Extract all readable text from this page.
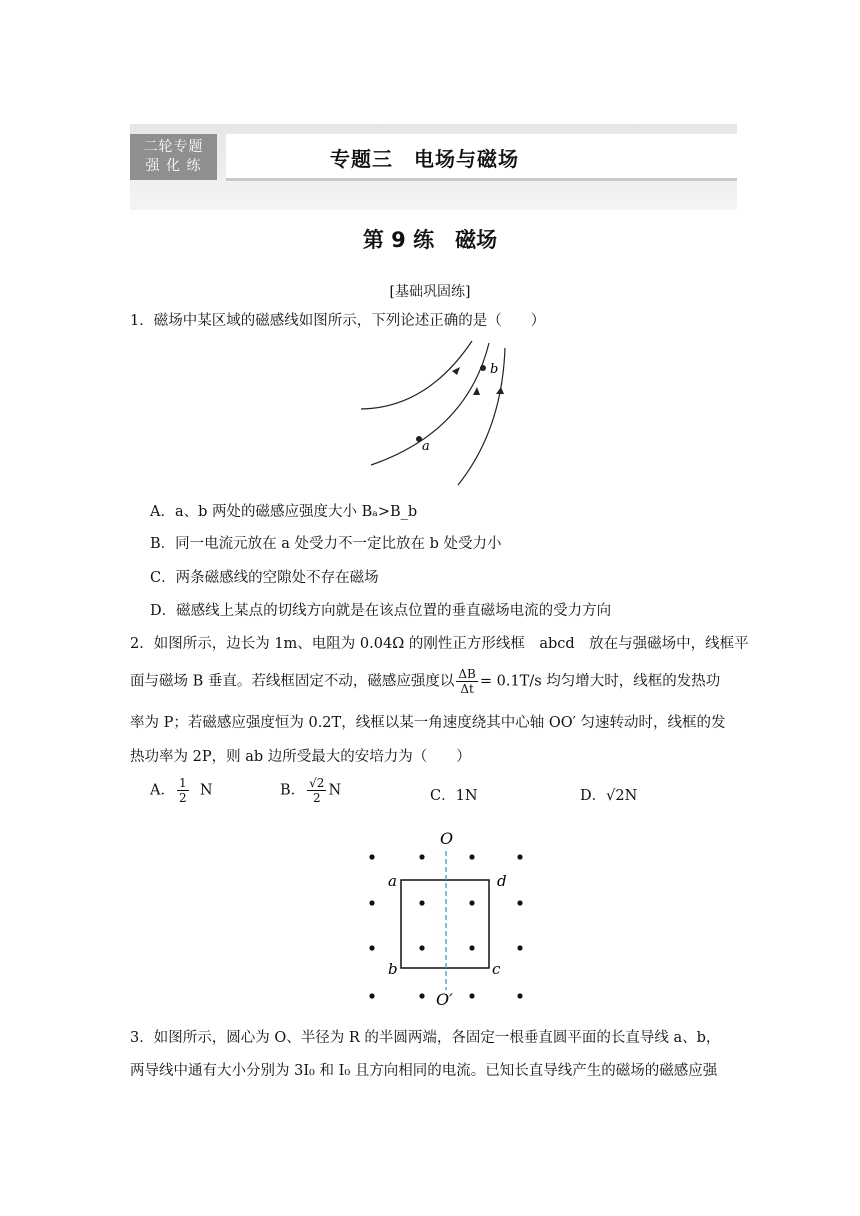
二轮专题
强 化 练	专题三　电场与磁场
第 9 练　磁场
[基础巩固练]
1．磁场中某区域的磁感线如图所示，下列论述正确的是（　　）
b
a
A．a、b 两处的磁感应强度大小 Bₐ>B_b
B．同一电流元放在 a 处受力不一定比放在 b 处受力小
C．两条磁感线的空隙处不存在磁场
D．磁感线上某点的切线方向就是在该点位置的垂直磁场电流的受力方向
2．如图所示，边长为 1m、电阻为 0.04Ω 的刚性正方形线框　abcd　放在与强磁场中，线框平
面与磁场 B 垂直。若线框固定不动，磁感应强度以 $\frac{\Delta B}{\Delta t} = 0.1T/s$ 均匀增大时，线框的发热功
率为 P；若磁感应强度恒为 0.2T，线框以某一角速度绕其中心轴 OO′ 匀速转动时，线框的发
热功率为 2P，则 ab 边所受最大的安培力为（　　）
A． $\frac{1}{2}$ N	B． $\frac{√2}{2}$ N	C．1N	D．√2N
O
O′
a	d
b	c
3．如图所示，圆心为 O、半径为 R 的半圆两端，各固定一根垂直圆平面的长直导线 a、b，
两导线中通有大小分别为 3I₀ 和 I₀ 且方向相同的电流。已知长直导线产生的磁场的磁感应强
